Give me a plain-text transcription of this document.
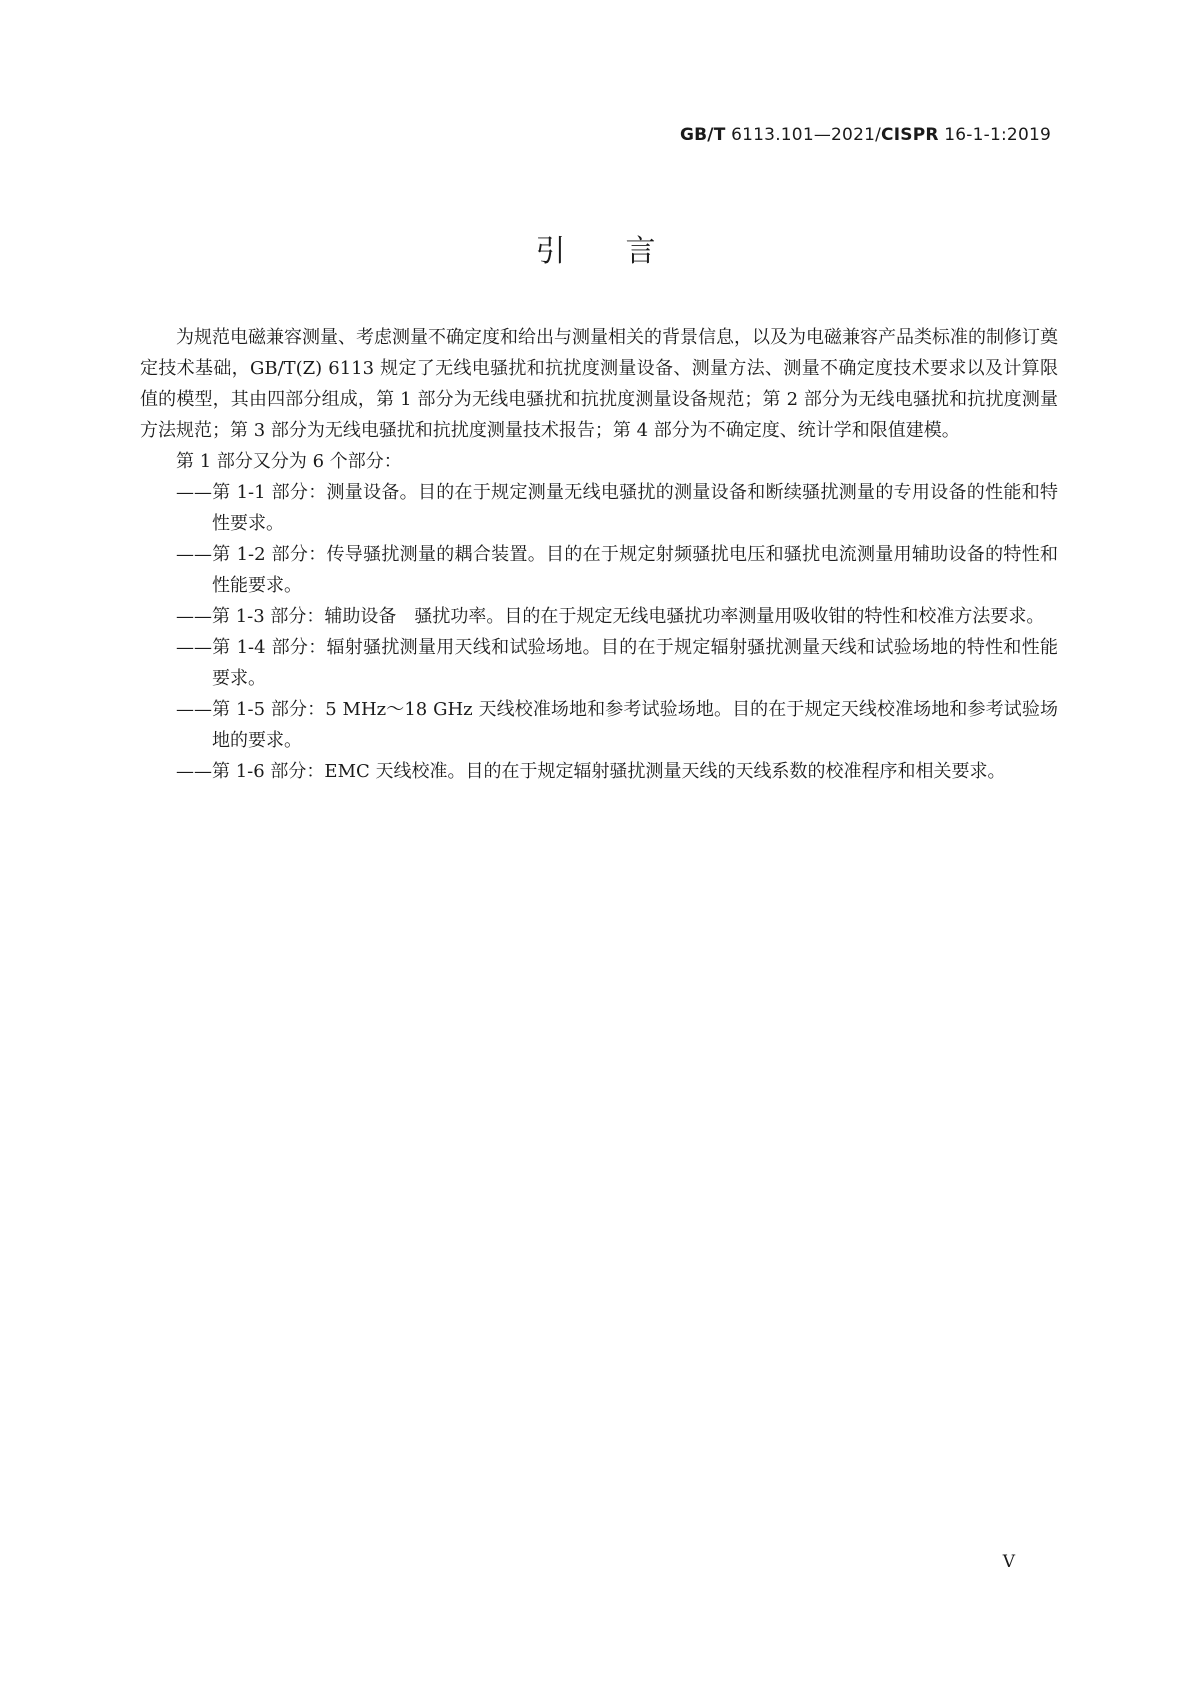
GB/T 6113.101—2021/CISPR 16-1-1:2019
引言

为规范电磁兼容测量、考虑测量不确定度和给出与测量相关的背景信息，以及为电磁兼容产品类标准的制修订奠定技术基础，GB/T(Z) 6113 规定了无线电骚扰和抗扰度测量设备、测量方法、测量不确定度技术要求以及计算限值的模型，其由四部分组成，第 1 部分为无线电骚扰和抗扰度测量设备规范；第 2 部分为无线电骚扰和抗扰度测量方法规范；第 3 部分为无线电骚扰和抗扰度测量技术报告；第 4 部分为不确定度、统计学和限值建模。

第 1 部分又分为 6 个部分：

——第 1-1 部分：测量设备。目的在于规定测量无线电骚扰的测量设备和断续骚扰测量的专用设备的性能和特性要求。

——第 1-2 部分：传导骚扰测量的耦合装置。目的在于规定射频骚扰电压和骚扰电流测量用辅助设备的特性和性能要求。

——第 1-3 部分：辅助设备　骚扰功率。目的在于规定无线电骚扰功率测量用吸收钳的特性和校准方法要求。

——第 1-4 部分：辐射骚扰测量用天线和试验场地。目的在于规定辐射骚扰测量天线和试验场地的特性和性能要求。

——第 1-5 部分：5 MHz～18 GHz 天线校准场地和参考试验场地。目的在于规定天线校准场地和参考试验场地的要求。

——第 1-6 部分：EMC 天线校准。目的在于规定辐射骚扰测量天线的天线系数的校准程序和相关要求。

V
